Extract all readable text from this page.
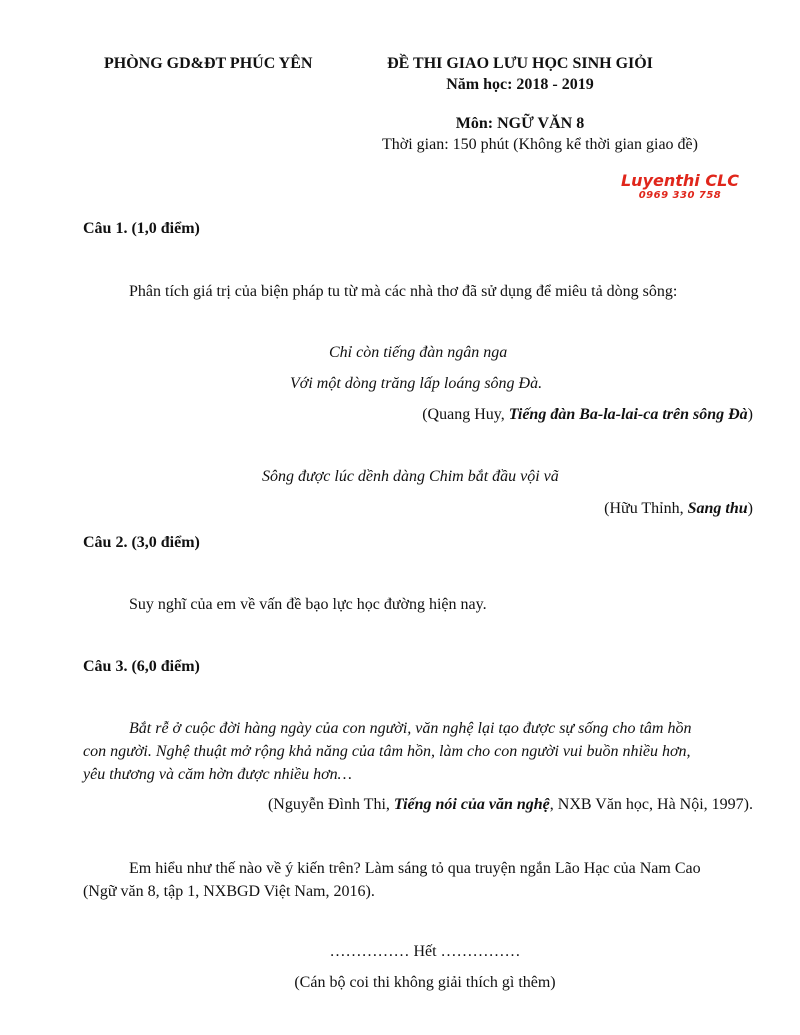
PHÒNG GD&ĐT PHÚC YÊN	ĐỀ THI GIAO LƯU HỌC SINH GIỎI
Năm học: 2018 - 2019
Môn: NGỮ VĂN 8
Thời gian: 150 phút (Không kể thời gian giao đề)
Luyenthi CLC
0969 330 758
Câu 1. (1,0 điểm)
Phân tích giá trị của biện pháp tu từ mà các nhà thơ đã sử dụng để miêu tả dòng sông:
Chỉ còn tiếng đàn ngân nga
Với một dòng trăng lấp loáng sông Đà.
(Quang Huy, Tiếng đàn Ba-la-lai-ca trên sông Đà)
Sông được lúc dềnh dàng Chim bắt đầu vội vã
(Hữu Thỉnh, Sang thu)
Câu 2. (3,0 điểm)
Suy nghĩ của em về vấn đề bạo lực học đường hiện nay.
Câu 3. (6,0 điểm)
Bắt rễ ở cuộc đời hàng ngày của con người, văn nghệ lại tạo được sự sống cho tâm hồn
con người. Nghệ thuật mở rộng khả năng của tâm hồn, làm cho con người vui buồn nhiều hơn,
yêu thương và căm hờn được nhiều hơn…
(Nguyễn Đình Thi, Tiếng nói của văn nghệ, NXB Văn học, Hà Nội, 1997).
Em hiểu như thế nào về ý kiến trên? Làm sáng tỏ qua truyện ngắn Lão Hạc của Nam Cao
(Ngữ văn 8, tập 1, NXBGD Việt Nam, 2016).
…………… Hết ……………
(Cán bộ coi thi không giải thích gì thêm)
